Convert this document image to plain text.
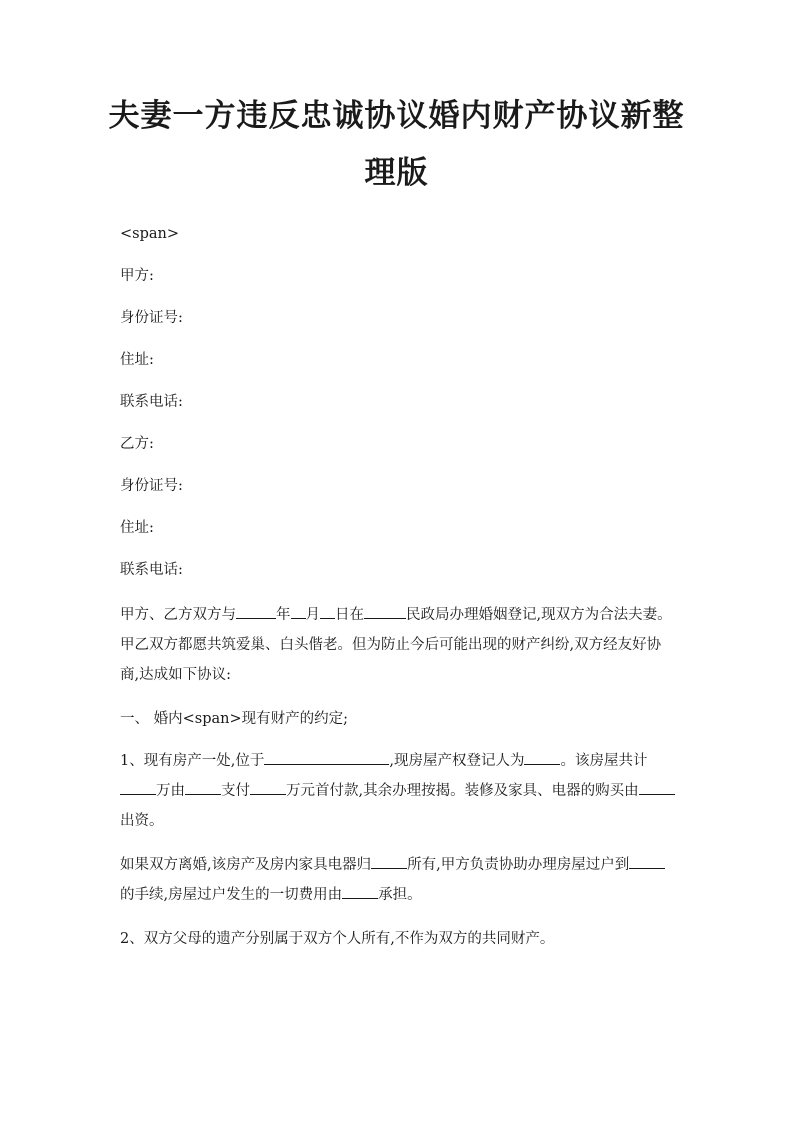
夫妻一方违反忠诚协议婚内财产协议新整
理版

<span>

甲方:

身份证号:

住址:

联系电话:

乙方:

身份证号:

住址:

联系电话:

甲方、乙方双方与	年 月 日在	民政局办理婚姻登记,现双方为合法夫妻。甲乙双方都愿共筑爱巢、白头偕老。但为防止今后可能出现的财产纠纷,双方经友好协商,达成如下协议:

一、 婚内<span>现有财产的约定;

1、现有房产一处,位于	,现房屋产权登记人为 。该房屋共计万由 支付 万元首付款,其余办理按揭。装修及家具、电器的购买由出资。

如果双方离婚,该房产及房内家具电器归 所有,甲方负责协助办理房屋过户到的手续,房屋过户发生的一切费用由 承担。

2、双方父母的遗产分别属于双方个人所有,不作为双方的共同财产。
